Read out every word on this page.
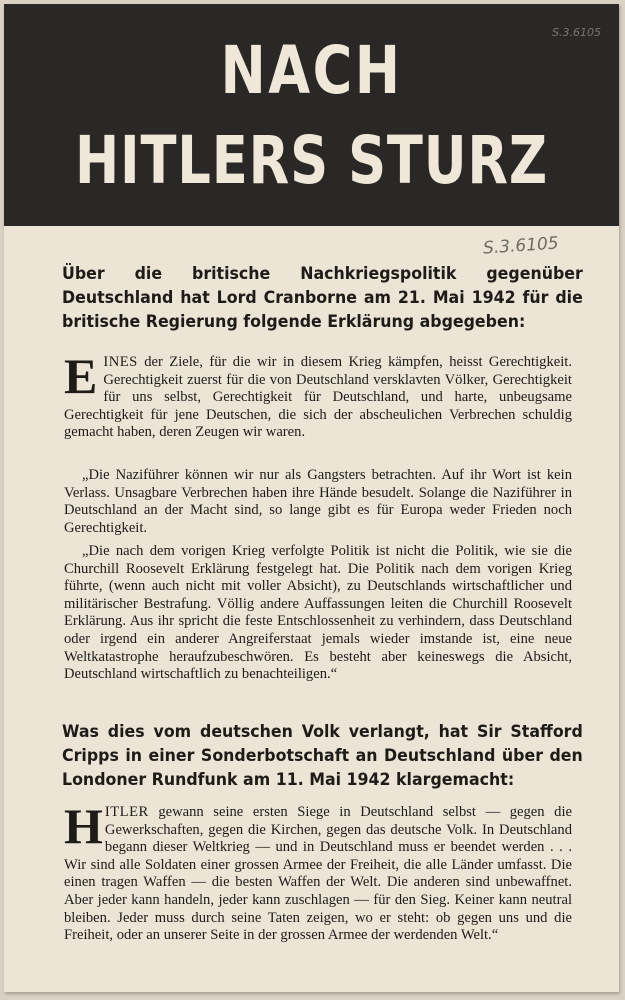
NACH
HITLERS STURZ
S.3.6105
S.3.6105
Über die britische Nachkriegspolitik gegenüber Deutschland hat Lord Cranborne am 21. Mai 1942 für die britische Regierung folgende Erklärung abgegeben:
EINES der Ziele, für die wir in diesem Krieg kämpfen, heisst Gerechtigkeit. Gerechtigkeit zuerst für die von Deutschland versklavten Völker, Gerechtigkeit für uns selbst, Gerechtigkeit für Deutschland, und harte, unbeugsame Gerechtigkeit für jene Deutschen, die sich der abscheulichen Verbrechen schuldig gemacht haben, deren Zeugen wir waren.
„Die Naziführer können wir nur als Gangsters betrachten. Auf ihr Wort ist kein Verlass. Unsagbare Verbrechen haben ihre Hände besudelt. Solange die Naziführer in Deutschland an der Macht sind, so lange gibt es für Europa weder Frieden noch Gerechtigkeit.
„Die nach dem vorigen Krieg verfolgte Politik ist nicht die Politik, wie sie die Churchill Roosevelt Erklärung festgelegt hat. Die Politik nach dem vorigen Krieg führte, (wenn auch nicht mit voller Absicht), zu Deutschlands wirtschaftlicher und militärischer Bestrafung. Völlig andere Auffassungen leiten die Churchill Roosevelt Erklärung. Aus ihr spricht die feste Entschlossenheit zu verhindern, dass Deutschland oder irgend ein anderer Angreiferstaat jemals wieder imstande ist, eine neue Weltkatastrophe heraufzubeschwören. Es besteht aber keineswegs die Absicht, Deutschland wirtschaftlich zu benachteiligen.“
Was dies vom deutschen Volk verlangt, hat Sir Stafford Cripps in einer Sonderbotschaft an Deutschland über den Londoner Rundfunk am 11. Mai 1942 klargemacht:
HITLER gewann seine ersten Siege in Deutschland selbst — gegen die Gewerkschaften, gegen die Kirchen, gegen das deutsche Volk. In Deutschland begann dieser Weltkrieg — und in Deutschland muss er beendet werden . . . Wir sind alle Soldaten einer grossen Armee der Freiheit, die alle Länder umfasst. Die einen tragen Waffen — die besten Waffen der Welt. Die anderen sind unbewaffnet. Aber jeder kann handeln, jeder kann zuschlagen — für den Sieg. Keiner kann neutral bleiben. Jeder muss durch seine Taten zeigen, wo er steht: ob gegen uns und die Freiheit, oder an unserer Seite in der grossen Armee der werdenden Welt.“
